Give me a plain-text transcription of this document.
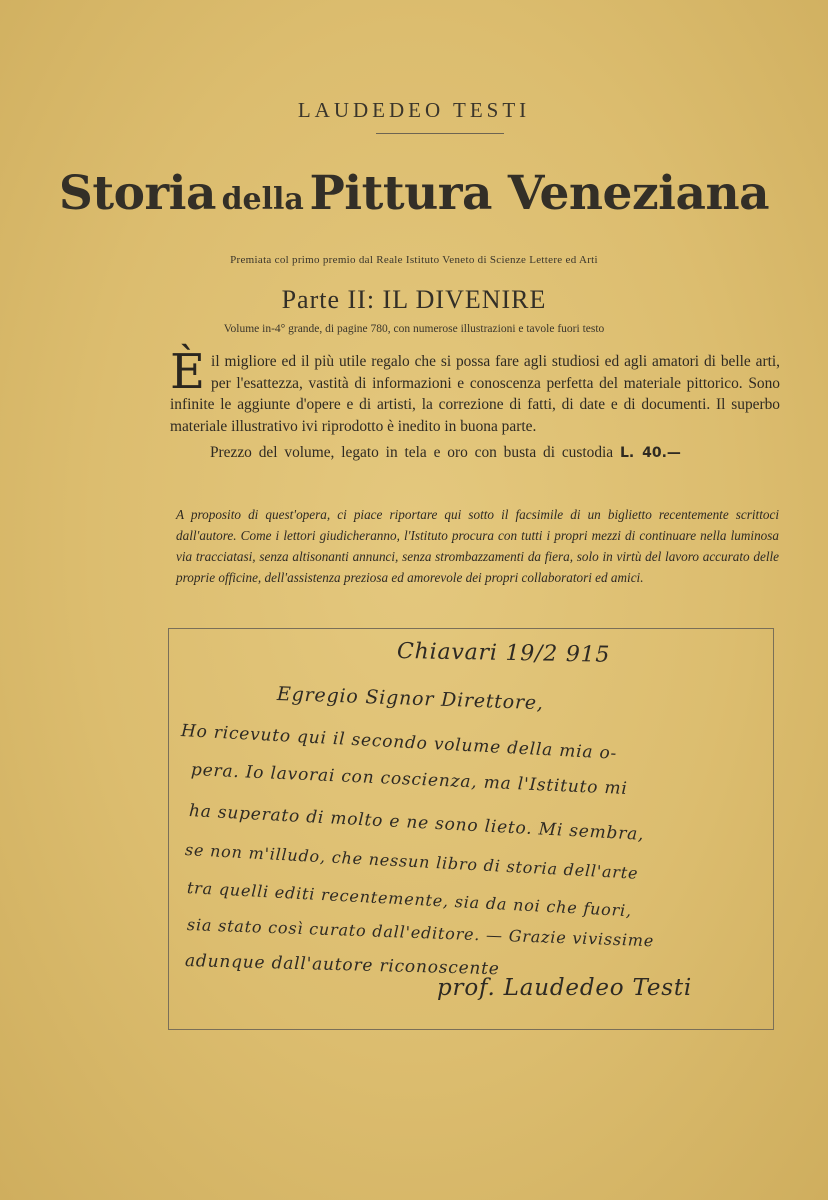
LAUDEDEO TESTI
Storia della Pittura Veneziana
Premiata col primo premio dal Reale Istituto Veneto di Scienze Lettere ed Arti
Parte II: IL DIVENIRE
Volume in-4° grande, di pagine 780, con numerose illustrazioni e tavole fuori testo
È il migliore ed il più utile regalo che si possa fare agli studiosi ed agli amatori di belle arti, per l'esattezza, vastità di informazioni e conoscenza perfetta del materiale pittorico. Sono infinite le aggiunte d'opere e di artisti, la correzione di fatti, di date e di documenti. Il superbo materiale illustrativo ivi riprodotto è inedito in buona parte.
Prezzo del volume, legato in tela e oro con busta di custodia L. 40.—
A proposito di quest'opera, ci piace riportare qui sotto il facsimile di un biglietto recentemente scrittoci dall'autore. Come i lettori giudicheranno, l'Istituto procura con tutti i propri mezzi di continuare nella luminosa via tracciatasi, senza altisonanti annunci, senza strombazzamenti da fiera, solo in virtù del lavoro accurato delle proprie officine, dell'assistenza preziosa ed amorevole dei propri collaboratori ed amici.
Chiavari 19/2 915
Egregio Signor Direttore,
Ho ricevuto qui il secondo volume della mia o-
pera. Io lavorai con coscienza, ma l'Istituto mi
ha superato di molto e ne sono lieto. Mi sembra,
se non m'illudo, che nessun libro di storia dell'arte
tra quelli editi recentemente, sia da noi che fuori,
sia stato così curato dall'editore. — Grazie vivissime
adunque dall'autore riconoscente
prof. Laudedeo Testi
